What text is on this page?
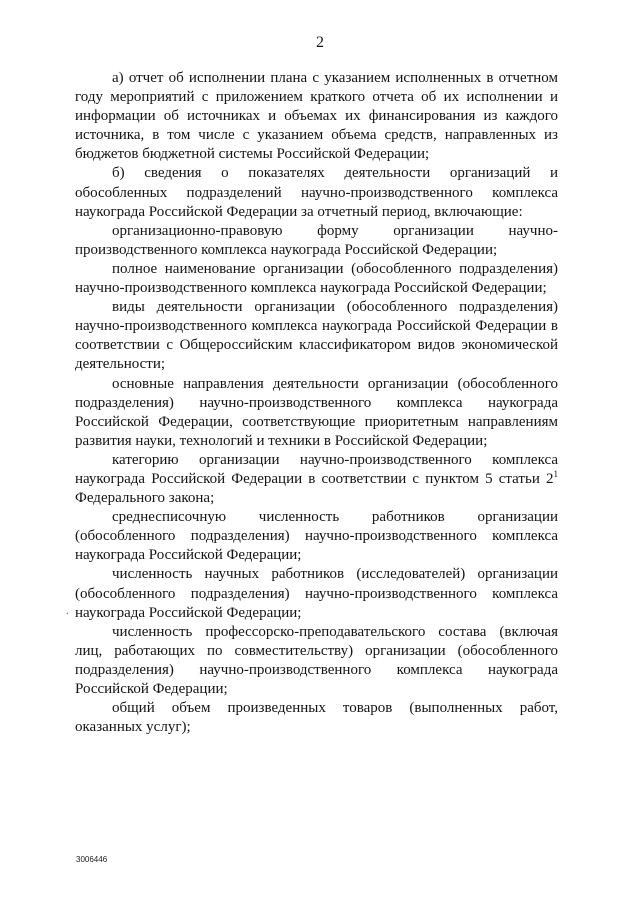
2

а) отчет об исполнении плана с указанием исполненных в отчетном году мероприятий с приложением краткого отчета об их исполнении и информации об источниках и объемах их финансирования из каждого источника, в том числе с указанием объема средств, направленных из бюджетов бюджетной системы Российской Федерации;

б) сведения о показателях деятельности организаций и обособленных подразделений научно-производственного комплекса наукограда Российской Федерации за отчетный период, включающие:

организационно-правовую форму организации научно-производственного комплекса наукограда Российской Федерации;

полное наименование организации (обособленного подразделения) научно-производственного комплекса наукограда Российской Федерации;

виды деятельности организации (обособленного подразделения) научно-производственного комплекса наукограда Российской Федерации в соответствии с Общероссийским классификатором видов экономической деятельности;

основные направления деятельности организации (обособленного подразделения) научно-производственного комплекса наукограда Российской Федерации, соответствующие приоритетным направлениям развития науки, технологий и техники в Российской Федерации;

категорию организации научно-производственного комплекса наукограда Российской Федерации в соответствии с пунктом 5 статьи $2^1$ Федерального закона;

среднесписочную численность работников организации (обособленного подразделения) научно-производственного комплекса наукограда Российской Федерации;

численность научных работников (исследователей) организации (обособленного подразделения) научно-производственного комплекса наукограда Российской Федерации;

численность профессорско-преподавательского состава (включая лиц, работающих по совместительству) организации (обособленного подразделения) научно-производственного комплекса наукограда Российской Федерации;

общий объем произведенных товаров (выполненных работ, оказанных услуг);

.
3006446
